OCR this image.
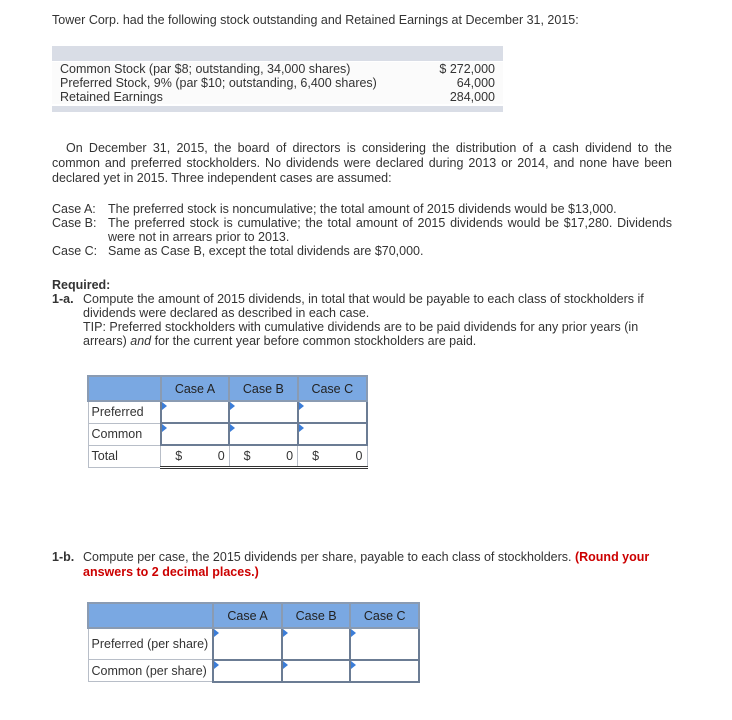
Tower Corp. had the following stock outstanding and Retained Earnings at December 31, 2015:
Common Stock (par $8; outstanding, 34,000 shares)	$ 272,000
Preferred Stock, 9% (par $10; outstanding, 6,400 shares)	64,000
Retained Earnings	284,000
On December 31, 2015, the board of directors is considering the distribution of a cash dividend to the common and preferred stockholders. No dividends were declared during 2013 or 2014, and none have been declared yet in 2015. Three independent cases are assumed:
Case A: The preferred stock is noncumulative; the total amount of 2015 dividends would be $13,000.
Case B: The preferred stock is cumulative; the total amount of 2015 dividends would be $17,280. Dividends were not in arrears prior to 2013.
Case C: Same as Case B, except the total dividends are $70,000.
Required:
1-a. Compute the amount of 2015 dividends, in total that would be payable to each class of stockholders if dividends were declared as described in each case.
TIP: Preferred stockholders with cumulative dividends are to be paid dividends for any prior years (in arrears) and for the current year before common stockholders are paid.
	Case A	Case B	Case C
Preferred			
Common			
Total	$ 0	$ 0	$ 0
1-b. Compute per case, the 2015 dividends per share, payable to each class of stockholders. (Round your answers to 2 decimal places.)
	Case A	Case B	Case C
Preferred (per share)			
Common (per share)			
